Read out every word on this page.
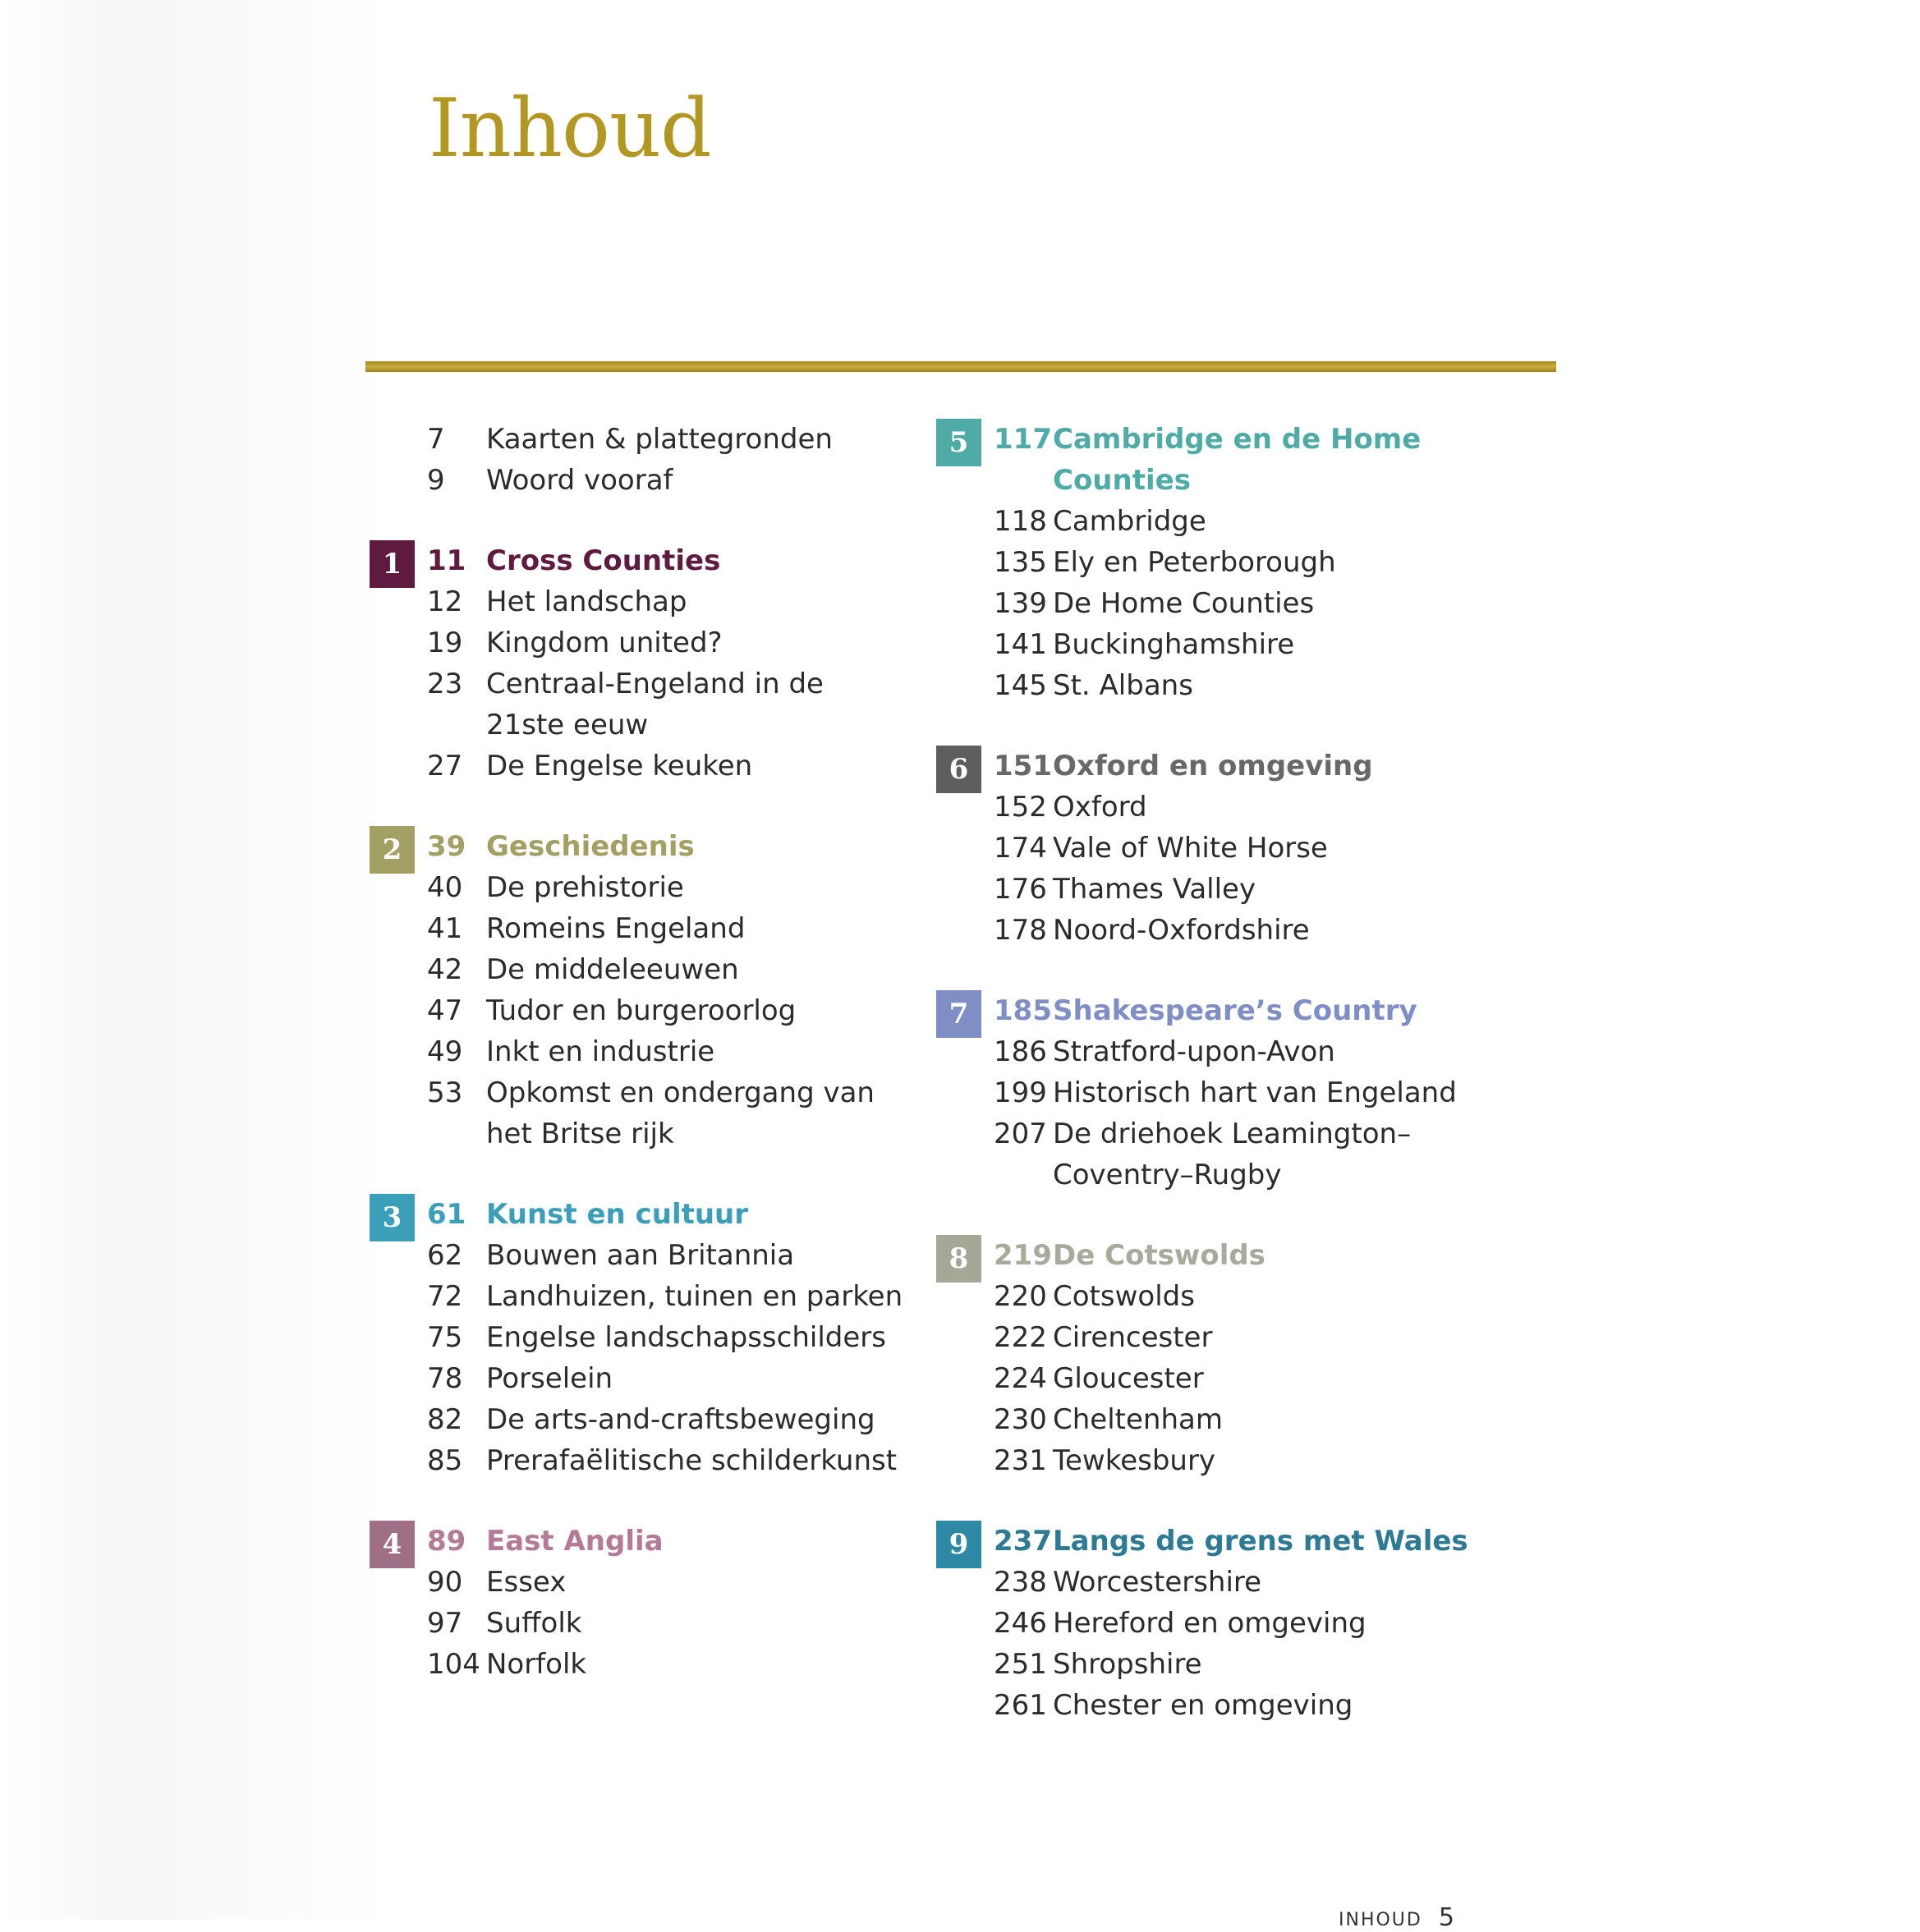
Inhoud
7	Kaarten & plattegronden
9	Woord vooraf
1 11 Cross Counties
12 Het landschap
19 Kingdom united?
23 Centraal-Engeland in de 21ste eeuw
27 De Engelse keuken
2 39 Geschiedenis
40 De prehistorie
41 Romeins Engeland
42 De middeleeuwen
47 Tudor en burgeroorlog
49 Inkt en industrie
53 Opkomst en ondergang van het Britse rijk
3 61 Kunst en cultuur
62 Bouwen aan Britannia
72 Landhuizen, tuinen en parken
75 Engelse landschapsschilders
78 Porselein
82 De arts-and-craftsbeweging
85 Prerafaëlitische schilderkunst
4 89 East Anglia
90 Essex
97 Suffolk
104 Norfolk
5 117 Cambridge en de Home Counties
118 Cambridge
135 Ely en Peterborough
139 De Home Counties
141 Buckinghamshire
145 St. Albans
6 151 Oxford en omgeving
152 Oxford
174 Vale of White Horse
176 Thames Valley
178 Noord-Oxfordshire
7 185 Shakespeare’s Country
186 Stratford-upon-Avon
199 Historisch hart van Engeland
207 De driehoek Leamington–Coventry–Rugby
8 219 De Cotswolds
220 Cotswolds
222 Cirencester
224 Gloucester
230 Cheltenham
231 Tewkesbury
9 237 Langs de grens met Wales
238 Worcestershire
246 Hereford en omgeving
251 Shropshire
261 Chester en omgeving
INHOUD 5
